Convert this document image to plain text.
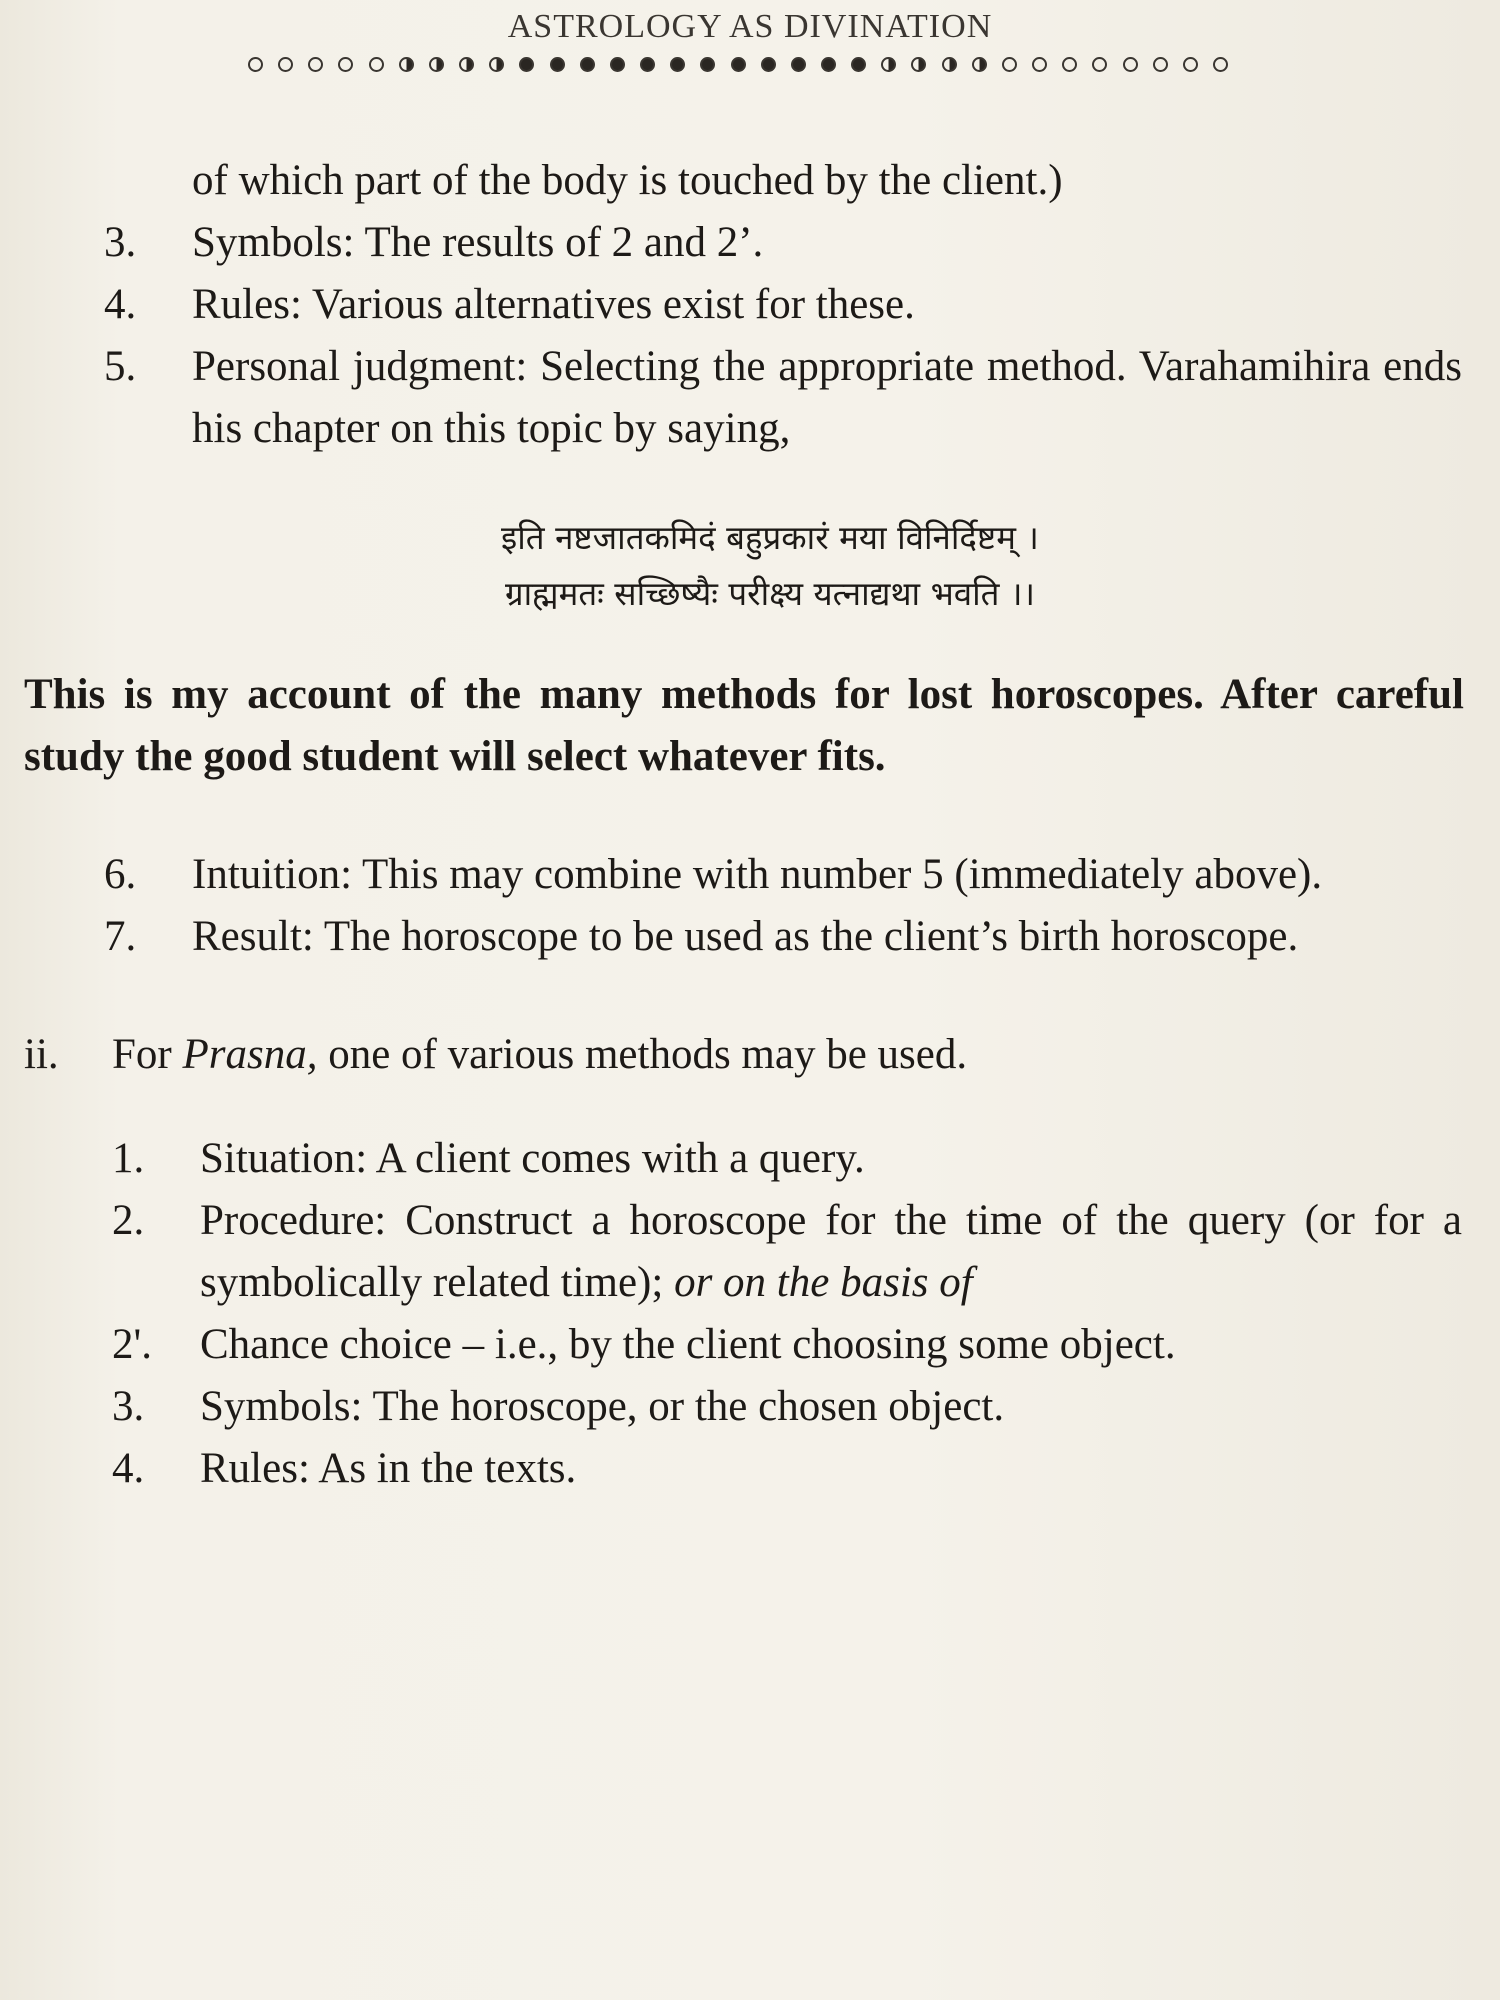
ASTROLOGY AS DIVINATION
of which part of the body is touched by the client.)
3. Symbols: The results of 2 and 2’.
4. Rules: Various alternatives exist for these.
5. Personal judgment: Selecting the appropriate method. Varahamihira ends his chapter on this topic by saying,
इति नष्टजातकमिदं बहुप्रकारं मया विनिर्दिष्टम् ।
ग्राह्ममतः सच्छिष्यैः परीक्ष्य यत्नाद्यथा भवति ।।
This is my account of the many methods for lost horoscopes. After careful study the good student will select whatever fits.
6. Intuition: This may combine with number 5 (immediately above).
7. Result: The horoscope to be used as the client’s birth horoscope.
ii. For Prasna, one of various methods may be used.
1. Situation: A client comes with a query.
2. Procedure: Construct a horoscope for the time of the query (or for a symbolically related time); or on the basis of
2'. Chance choice – i.e., by the client choosing some object.
3. Symbols: The horoscope, or the chosen object.
4. Rules: As in the texts.
